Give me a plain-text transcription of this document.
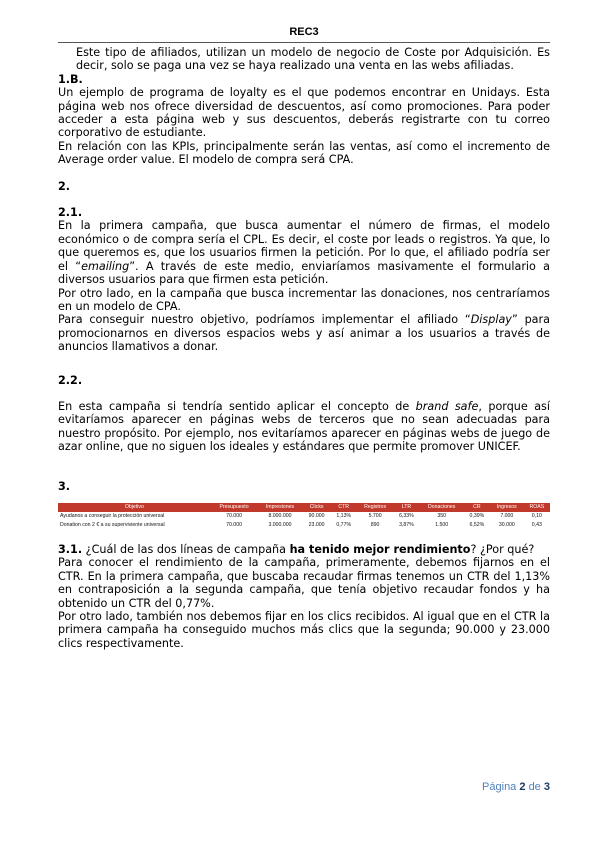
REC3

Este tipo de afiliados, utilizan un modelo de negocio de Coste por Adquisición. Es decir, solo se paga una vez se haya realizado una venta en las webs afiliadas.

1.B.

Un ejemplo de programa de loyalty es el que podemos encontrar en Unidays. Esta página web nos ofrece diversidad de descuentos, así como promociones. Para poder acceder a esta página web y sus descuentos, deberás registrarte con tu correo corporativo de estudiante.

En relación con las KPIs, principalmente serán las ventas, así como el incremento de Average order value. El modelo de compra será CPA.

2.

2.1.

En la primera campaña, que busca aumentar el número de firmas, el modelo económico o de compra sería el CPL. Es decir, el coste por leads o registros. Ya que, lo que queremos es, que los usuarios firmen la petición. Por lo que, el afiliado podría ser el “emailing”. A través de este medio, enviaríamos masivamente el formulario a diversos usuarios para que firmen esta petición.

Por otro lado, en la campaña que busca incrementar las donaciones, nos centraríamos en un modelo de CPA.

Para conseguir nuestro objetivo, podríamos implementar el afiliado “Display” para promocionarnos en diversos espacios webs y así animar a los usuarios a través de anuncios llamativos a donar.

2.2.

En esta campaña si tendría sentido aplicar el concepto de brand safe, porque así evitaríamos aparecer en páginas webs de terceros que no sean adecuadas para nuestro propósito. Por ejemplo, nos evitaríamos aparecer en páginas webs de juego de azar online, que no siguen los ideales y estándares que permite promover UNICEF.

3.

Objetivo	Presupuesto	Impresiones	Clicks	CTR	Registros	LTR	Donaciones	CR	Ingresos	ROAS
Ayudanos a conseguir la protección universal	70.000	8.000.000	90.000	1,13%	5.700	6,33%	350	0,39%	7.000	0,10
Donation con 2 € a su superviviente universal	70.000	3.000.000	23.000	0,77%	890	3,87%	1.500	6,52%	30.000	0,43

3.1. ¿Cuál de las dos líneas de campaña ha tenido mejor rendimiento? ¿Por qué?

Para conocer el rendimiento de la campaña, primeramente, debemos fijarnos en el CTR. En la primera campaña, que buscaba recaudar firmas tenemos un CTR del 1,13% en contraposición a la segunda campaña, que tenía objetivo recaudar fondos y ha obtenido un CTR del 0,77%.

Por otro lado, también nos debemos fijar en los clics recibidos. Al igual que en el CTR la primera campaña ha conseguido muchos más clics que la segunda; 90.000 y 23.000 clics respectivamente.

Página 2 de 3
